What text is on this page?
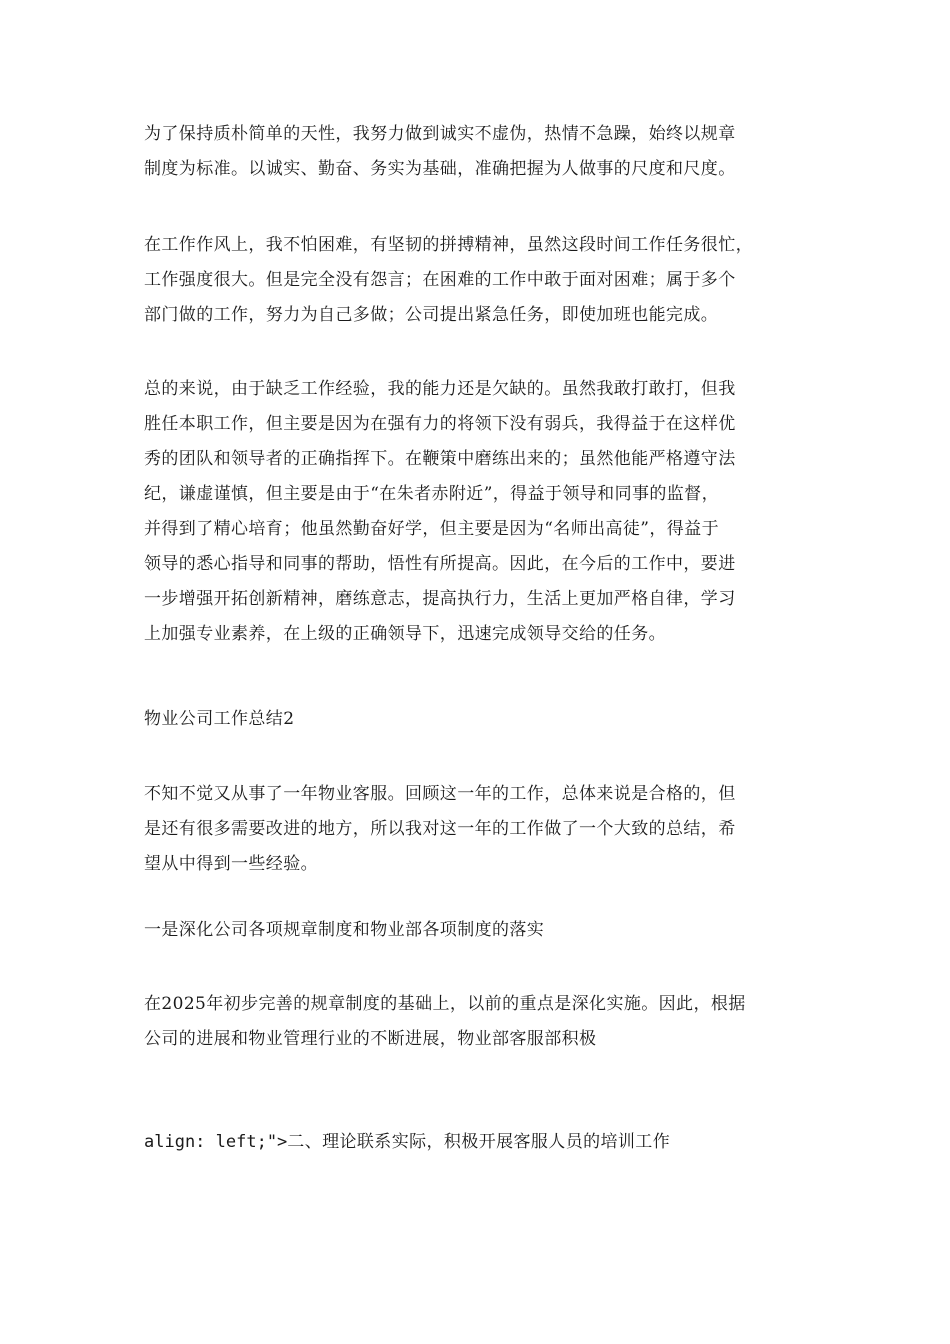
为了保持质朴简单的天性，我努力做到诚实不虚伪，热情不急躁，始终以规章
制度为标准。以诚实、勤奋、务实为基础，准确把握为人做事的尺度和尺度。

在工作作风上，我不怕困难，有坚韧的拼搏精神，虽然这段时间工作任务很忙，
工作强度很大。但是完全没有怨言；在困难的工作中敢于面对困难；属于多个
部门做的工作，努力为自己多做；公司提出紧急任务，即使加班也能完成。

总的来说，由于缺乏工作经验，我的能力还是欠缺的。虽然我敢打敢打，但我
胜任本职工作，但主要是因为在强有力的将领下没有弱兵，我得益于在这样优
秀的团队和领导者的正确指挥下。在鞭策中磨练出来的；虽然他能严格遵守法
纪，谦虚谨慎，但主要是由于“在朱者赤附近”，得益于领导和同事的监督，
并得到了精心培育；他虽然勤奋好学，但主要是因为“名师出高徒”，得益于
领导的悉心指导和同事的帮助，悟性有所提高。因此，在今后的工作中，要进
一步增强开拓创新精神，磨练意志，提高执行力，生活上更加严格自律，学习
上加强专业素养，在上级的正确领导下，迅速完成领导交给的任务。

物业公司工作总结2

不知不觉又从事了一年物业客服。回顾这一年的工作，总体来说是合格的，但
是还有很多需要改进的地方，所以我对这一年的工作做了一个大致的总结，希
望从中得到一些经验。

一是深化公司各项规章制度和物业部各项制度的落实

在2025年初步完善的规章制度的基础上，以前的重点是深化实施。因此，根据
公司的进展和物业管理行业的不断进展，物业部客服部积极

align: left;">二、理论联系实际，积极开展客服人员的培训工作
